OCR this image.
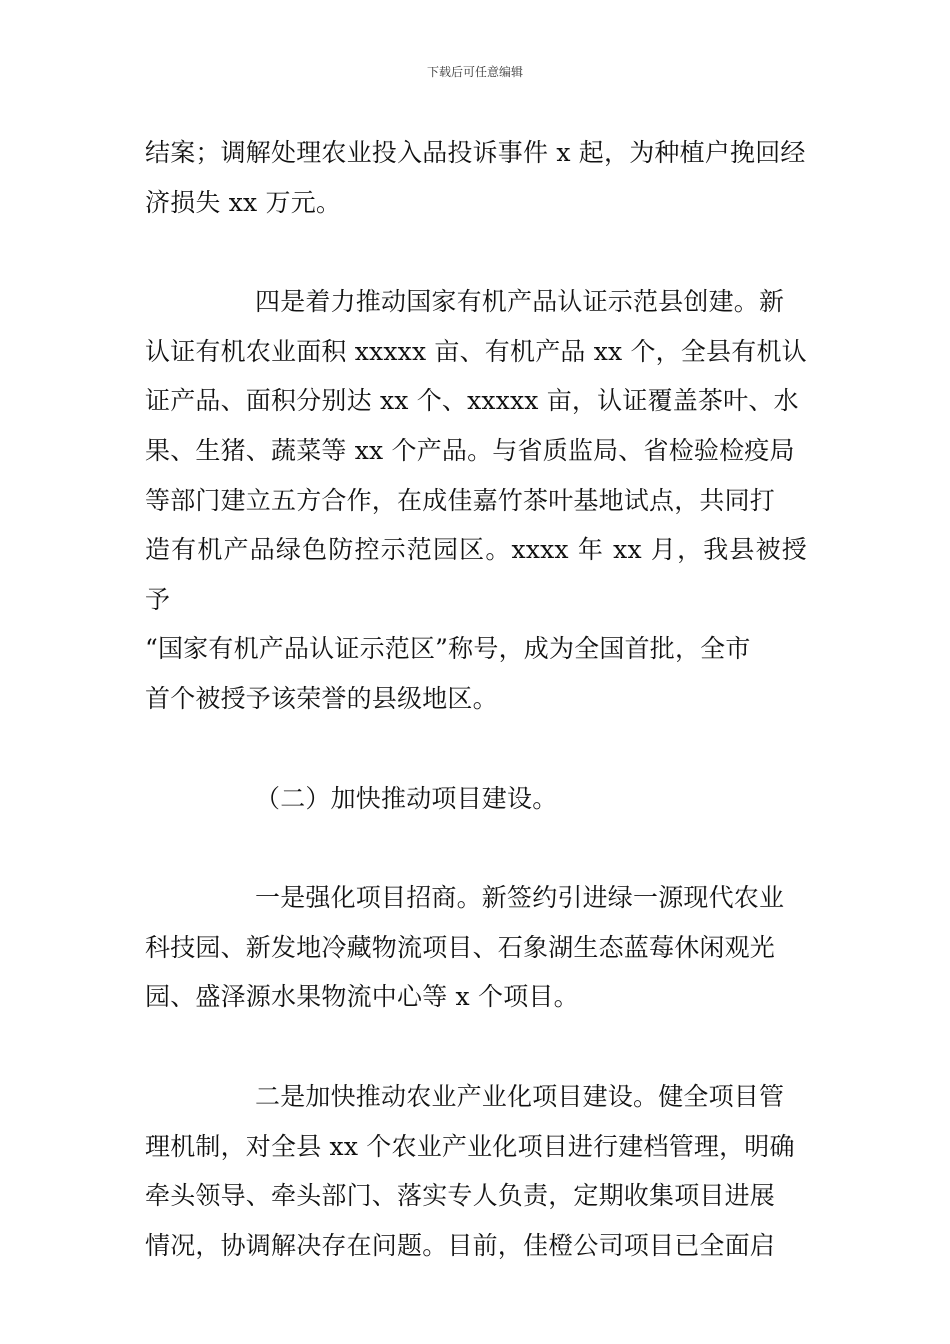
下载后可任意编辑
结案；调解处理农业投入品投诉事件 x 起，为种植户挽回经
济损失 xx 万元。
四是着力推动国家有机产品认证示范县创建。新
认证有机农业面积 xxxxx 亩、有机产品 xx 个，全县有机认
证产品、面积分别达 xx 个、xxxxx 亩，认证覆盖茶叶、水
果、生猪、蔬菜等 xx 个产品。与省质监局、省检验检疫局
等部门建立五方合作，在成佳嘉竹茶叶基地试点，共同打
造有机产品绿色防控示范园区。xxxx 年 xx 月，我县被授予
“国家有机产品认证示范区”称号，成为全国首批，全市
首个被授予该荣誉的县级地区。
（二）加快推动项目建设。
一是强化项目招商。新签约引进绿一源现代农业
科技园、新发地冷藏物流项目、石象湖生态蓝莓休闲观光
园、盛泽源水果物流中心等 x 个项目。
二是加快推动农业产业化项目建设。健全项目管
理机制，对全县 xx 个农业产业化项目进行建档管理，明确
牵头领导、牵头部门、落实专人负责，定期收集项目进展
情况，协调解决存在问题。目前，佳橙公司项目已全面启
